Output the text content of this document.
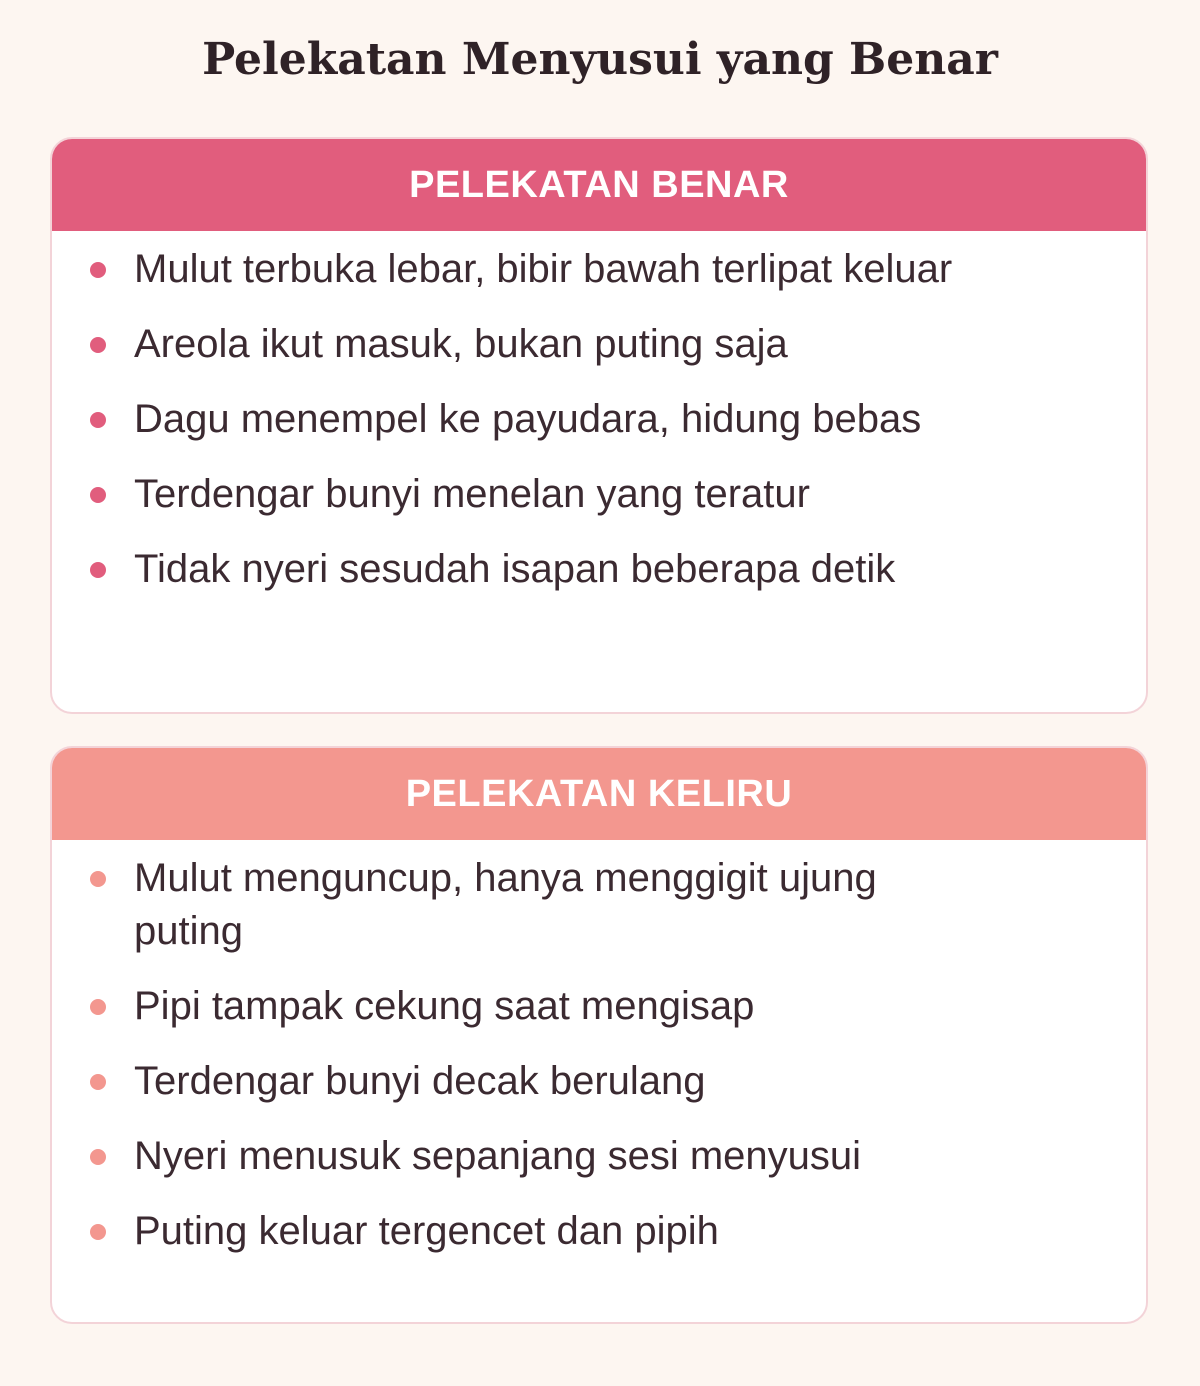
Pelekatan Menyusui yang Benar
PELEKATAN BENAR
Mulut terbuka lebar, bibir bawah terlipat keluar
Areola ikut masuk, bukan puting saja
Dagu menempel ke payudara, hidung bebas
Terdengar bunyi menelan yang teratur
Tidak nyeri sesudah isapan beberapa detik
PELEKATAN KELIRU
Mulut menguncup, hanya menggigit ujung puting
Pipi tampak cekung saat mengisap
Terdengar bunyi decak berulang
Nyeri menusuk sepanjang sesi menyusui
Puting keluar tergencet dan pipih
